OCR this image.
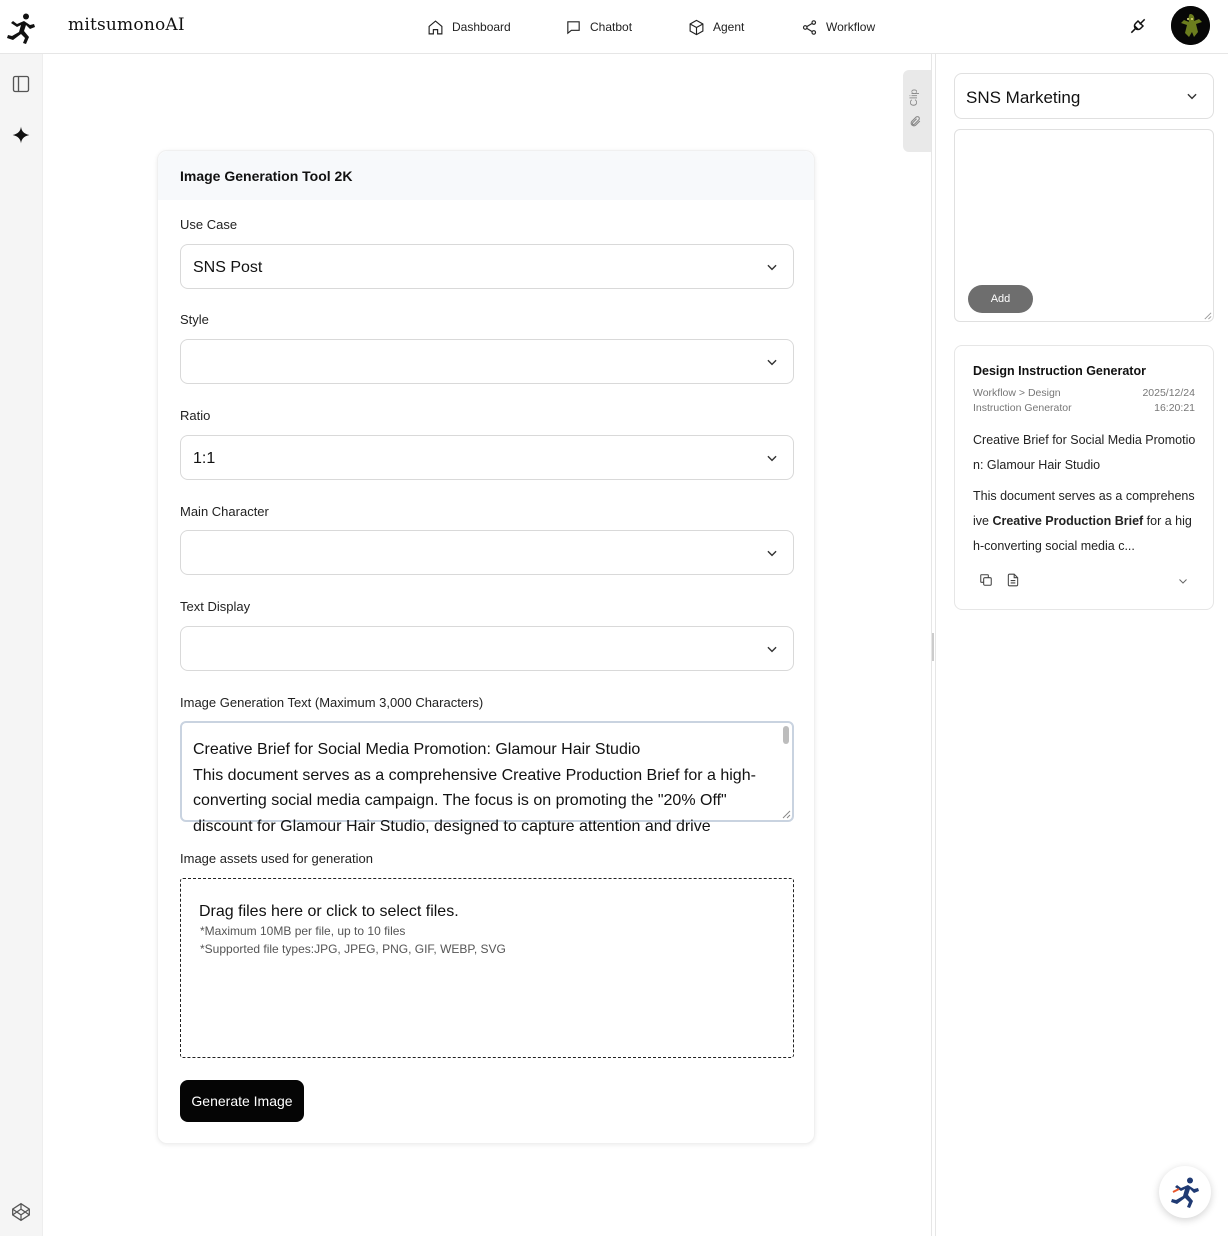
mitsumonoAI	Dashboard	Chatbot	Agent	Workflow
Clip
Image Generation Tool 2K
Use Case
SNS Post
Style
Ratio
1:1
Main Character
Text Display
Image Generation Text (Maximum 3,000 Characters)
Creative Brief for Social Media Promotion: Glamour Hair Studio
This document serves as a comprehensive Creative Production Brief for a high-converting social media campaign. The focus is on promoting the "20% Off" discount for Glamour Hair Studio, designed to capture attention and drive
Image assets used for generation
Drag files here or click to select files.
*Maximum 10MB per file, up to 10 files
*Supported file types:JPG, JPEG, PNG, GIF, WEBP, SVG
Generate Image
SNS Marketing
Add
Design Instruction Generator
Workflow > Design Instruction Generator
2025/12/24
16:20:21
Creative Brief for Social Media Promotion: Glamour Hair Studio
This document serves as a comprehensive Creative Production Brief for a high-converting social media c...
